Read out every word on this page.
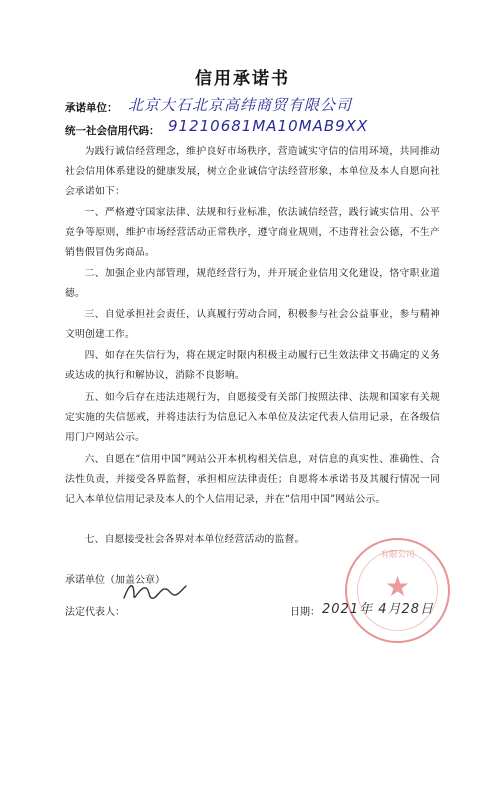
信用承诺书
承诺单位： 北京大石北京高纬商贸有限公司
统一社会信用代码： 91210681MA10MAB9XX
为践行诚信经营理念，维护良好市场秩序，营造诚实守信的信用环境，共同推动社会信用体系建设的健康发展，树立企业诚信守法经营形象，本单位及本人自愿向社会承诺如下：
一、严格遵守国家法律、法规和行业标准，依法诚信经营，践行诚实信用、公平竞争等原则，维护市场经营活动正常秩序，遵守商业规则，不违背社会公德，不生产销售假冒伪劣商品。
二、加强企业内部管理，规范经营行为，并开展企业信用文化建设，恪守职业道德。
三、自觉承担社会责任，认真履行劳动合同，积极参与社会公益事业，参与精神文明创建工作。
四、如存在失信行为，将在规定时限内积极主动履行已生效法律文书确定的义务或达成的执行和解协议，消除不良影响。
五、如今后存在违法违规行为，自愿接受有关部门按照法律、法规和国家有关规定实施的失信惩戒，并将违法行为信息记入本单位及法定代表人信用记录，在各级信用门户网站公示。
六、自愿在“信用中国”网站公开本机构相关信息，对信息的真实性、准确性、合法性负责，并接受各界监督，承担相应法律责任；自愿将本承诺书及其履行情况一同记入本单位信用记录及本人的个人信用记录，并在“信用中国”网站公示。
七、自愿接受社会各界对本单位经营活动的监督。
承诺单位（加盖公章）
有限公司
★
法定代表人：	日期： 2021年 4月28日
